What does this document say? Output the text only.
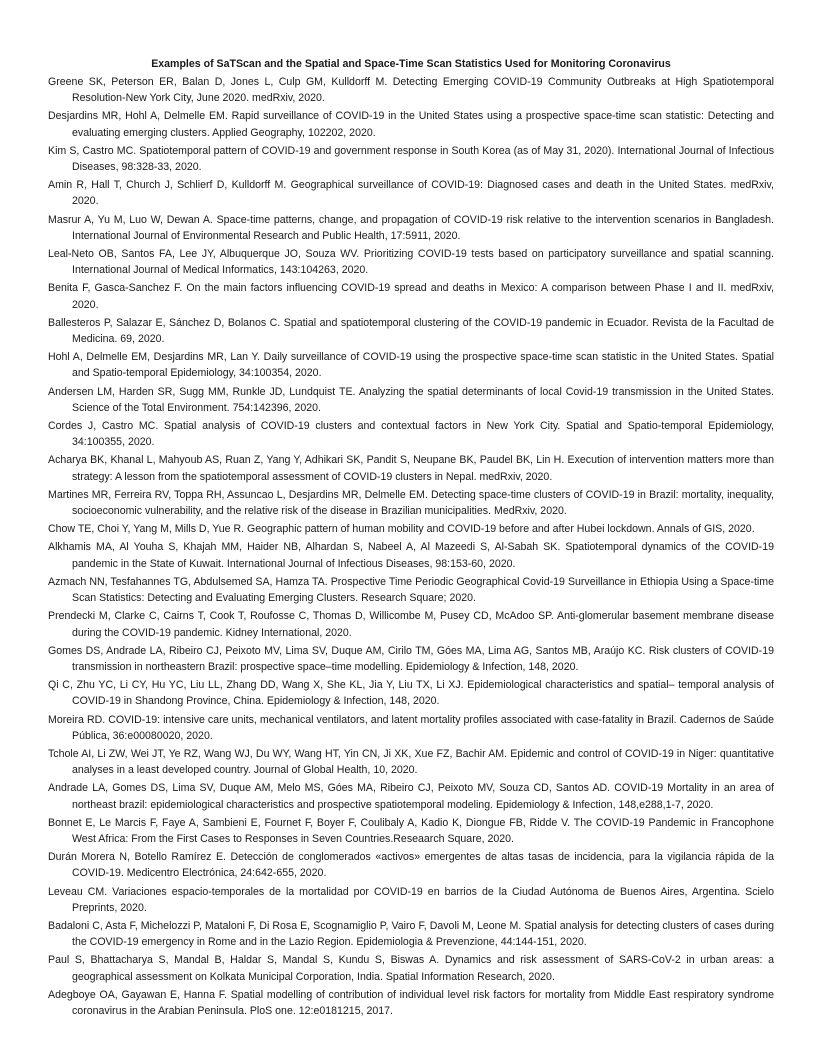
Examples of SaTScan and the Spatial and Space-Time Scan Statistics Used for Monitoring Coronavirus

Greene SK, Peterson ER, Balan D, Jones L, Culp GM, Kulldorff M. Detecting Emerging COVID-19 Community Outbreaks at High Spatiotemporal Resolution-New York City, June 2020. medRxiv, 2020.

Desjardins MR, Hohl A, Delmelle EM. Rapid surveillance of COVID-19 in the United States using a prospective space-time scan statistic: Detecting and evaluating emerging clusters. Applied Geography, 102202, 2020.

Kim S, Castro MC. Spatiotemporal pattern of COVID-19 and government response in South Korea (as of May 31, 2020). International Journal of Infectious Diseases, 98:328-33, 2020.

Amin R, Hall T, Church J, Schlierf D, Kulldorff M. Geographical surveillance of COVID-19: Diagnosed cases and death in the United States. medRxiv, 2020.

Masrur A, Yu M, Luo W, Dewan A. Space-time patterns, change, and propagation of COVID-19 risk relative to the intervention scenarios in Bangladesh. International Journal of Environmental Research and Public Health, 17:5911, 2020.

Leal-Neto OB, Santos FA, Lee JY, Albuquerque JO, Souza WV. Prioritizing COVID-19 tests based on participatory surveillance and spatial scanning. International Journal of Medical Informatics, 143:104263, 2020.

Benita F, Gasca-Sanchez F. On the main factors influencing COVID-19 spread and deaths in Mexico: A comparison between Phase I and II. medRxiv, 2020.

Ballesteros P, Salazar E, Sánchez D, Bolanos C. Spatial and spatiotemporal clustering of the COVID-19 pandemic in Ecuador. Revista de la Facultad de Medicina. 69, 2020.

Hohl A, Delmelle EM, Desjardins MR, Lan Y. Daily surveillance of COVID-19 using the prospective space-time scan statistic in the United States. Spatial and Spatio-temporal Epidemiology, 34:100354, 2020.

Andersen LM, Harden SR, Sugg MM, Runkle JD, Lundquist TE. Analyzing the spatial determinants of local Covid-19 transmission in the United States. Science of the Total Environment. 754:142396, 2020.

Cordes J, Castro MC. Spatial analysis of COVID-19 clusters and contextual factors in New York City. Spatial and Spatio-temporal Epidemiology, 34:100355, 2020.

Acharya BK, Khanal L, Mahyoub AS, Ruan Z, Yang Y, Adhikari SK, Pandit S, Neupane BK, Paudel BK, Lin H. Execution of intervention matters more than strategy: A lesson from the spatiotemporal assessment of COVID-19 clusters in Nepal. medRxiv, 2020.

Martines MR, Ferreira RV, Toppa RH, Assuncao L, Desjardins MR, Delmelle EM. Detecting space-time clusters of COVID-19 in Brazil: mortality, inequality, socioeconomic vulnerability, and the relative risk of the disease in Brazilian municipalities. MedRxiv, 2020.

Chow TE, Choi Y, Yang M, Mills D, Yue R. Geographic pattern of human mobility and COVID-19 before and after Hubei lockdown. Annals of GIS, 2020.

Alkhamis MA, Al Youha S, Khajah MM, Haider NB, Alhardan S, Nabeel A, Al Mazeedi S, Al-Sabah SK. Spatiotemporal dynamics of the COVID-19 pandemic in the State of Kuwait. International Journal of Infectious Diseases, 98:153-60, 2020.

Azmach NN, Tesfahannes TG, Abdulsemed SA, Hamza TA. Prospective Time Periodic Geographical Covid-19 Surveillance in Ethiopia Using a Space-time Scan Statistics: Detecting and Evaluating Emerging Clusters. Research Square; 2020.

Prendecki M, Clarke C, Cairns T, Cook T, Roufosse C, Thomas D, Willicombe M, Pusey CD, McAdoo SP. Anti-glomerular basement membrane disease during the COVID-19 pandemic. Kidney International, 2020.

Gomes DS, Andrade LA, Ribeiro CJ, Peixoto MV, Lima SV, Duque AM, Cirilo TM, Góes MA, Lima AG, Santos MB, Araújo KC. Risk clusters of COVID-19 transmission in northeastern Brazil: prospective space–time modelling. Epidemiology & Infection, 148, 2020.

Qi C, Zhu YC, Li CY, Hu YC, Liu LL, Zhang DD, Wang X, She KL, Jia Y, Liu TX, Li XJ. Epidemiological characteristics and spatial– temporal analysis of COVID-19 in Shandong Province, China. Epidemiology & Infection, 148, 2020.

Moreira RD. COVID-19: intensive care units, mechanical ventilators, and latent mortality profiles associated with case-fatality in Brazil. Cadernos de Saúde Pública, 36:e00080020, 2020.

Tchole AI, Li ZW, Wei JT, Ye RZ, Wang WJ, Du WY, Wang HT, Yin CN, Ji XK, Xue FZ, Bachir AM. Epidemic and control of COVID-19 in Niger: quantitative analyses in a least developed country. Journal of Global Health, 10, 2020.

Andrade LA, Gomes DS, Lima SV, Duque AM, Melo MS, Góes MA, Ribeiro CJ, Peixoto MV, Souza CD, Santos AD. COVID-19 Mortality in an area of northeast brazil: epidemiological characteristics and prospective spatiotemporal modeling. Epidemiology & Infection, 148,e288,1-7, 2020.

Bonnet E, Le Marcis F, Faye A, Sambieni E, Fournet F, Boyer F, Coulibaly A, Kadio K, Diongue FB, Ridde V. The COVID-19 Pandemic in Francophone West Africa: From the First Cases to Responses in Seven Countries.Reseaarch Square, 2020.

Durán Morera N, Botello Ramírez E. Detección de conglomerados «activos» emergentes de altas tasas de incidencia, para la vigilancia rápida de la COVID-19. Medicentro Electrónica, 24:642-655, 2020.

Leveau CM. Variaciones espacio-temporales de la mortalidad por COVID-19 en barrios de la Ciudad Autónoma de Buenos Aires, Argentina. Scielo Preprints, 2020.

Badaloni C, Asta F, Michelozzi P, Mataloni F, Di Rosa E, Scognamiglio P, Vairo F, Davoli M, Leone M. Spatial analysis for detecting clusters of cases during the COVID-19 emergency in Rome and in the Lazio Region. Epidemiologia & Prevenzione, 44:144-151, 2020.

Paul S, Bhattacharya S, Mandal B, Haldar S, Mandal S, Kundu S, Biswas A. Dynamics and risk assessment of SARS-CoV-2 in urban areas: a geographical assessment on Kolkata Municipal Corporation, India. Spatial Information Research, 2020.

Adegboye OA, Gayawan E, Hanna F. Spatial modelling of contribution of individual level risk factors for mortality from Middle East respiratory syndrome coronavirus in the Arabian Peninsula. PloS one. 12:e0181215, 2017.
